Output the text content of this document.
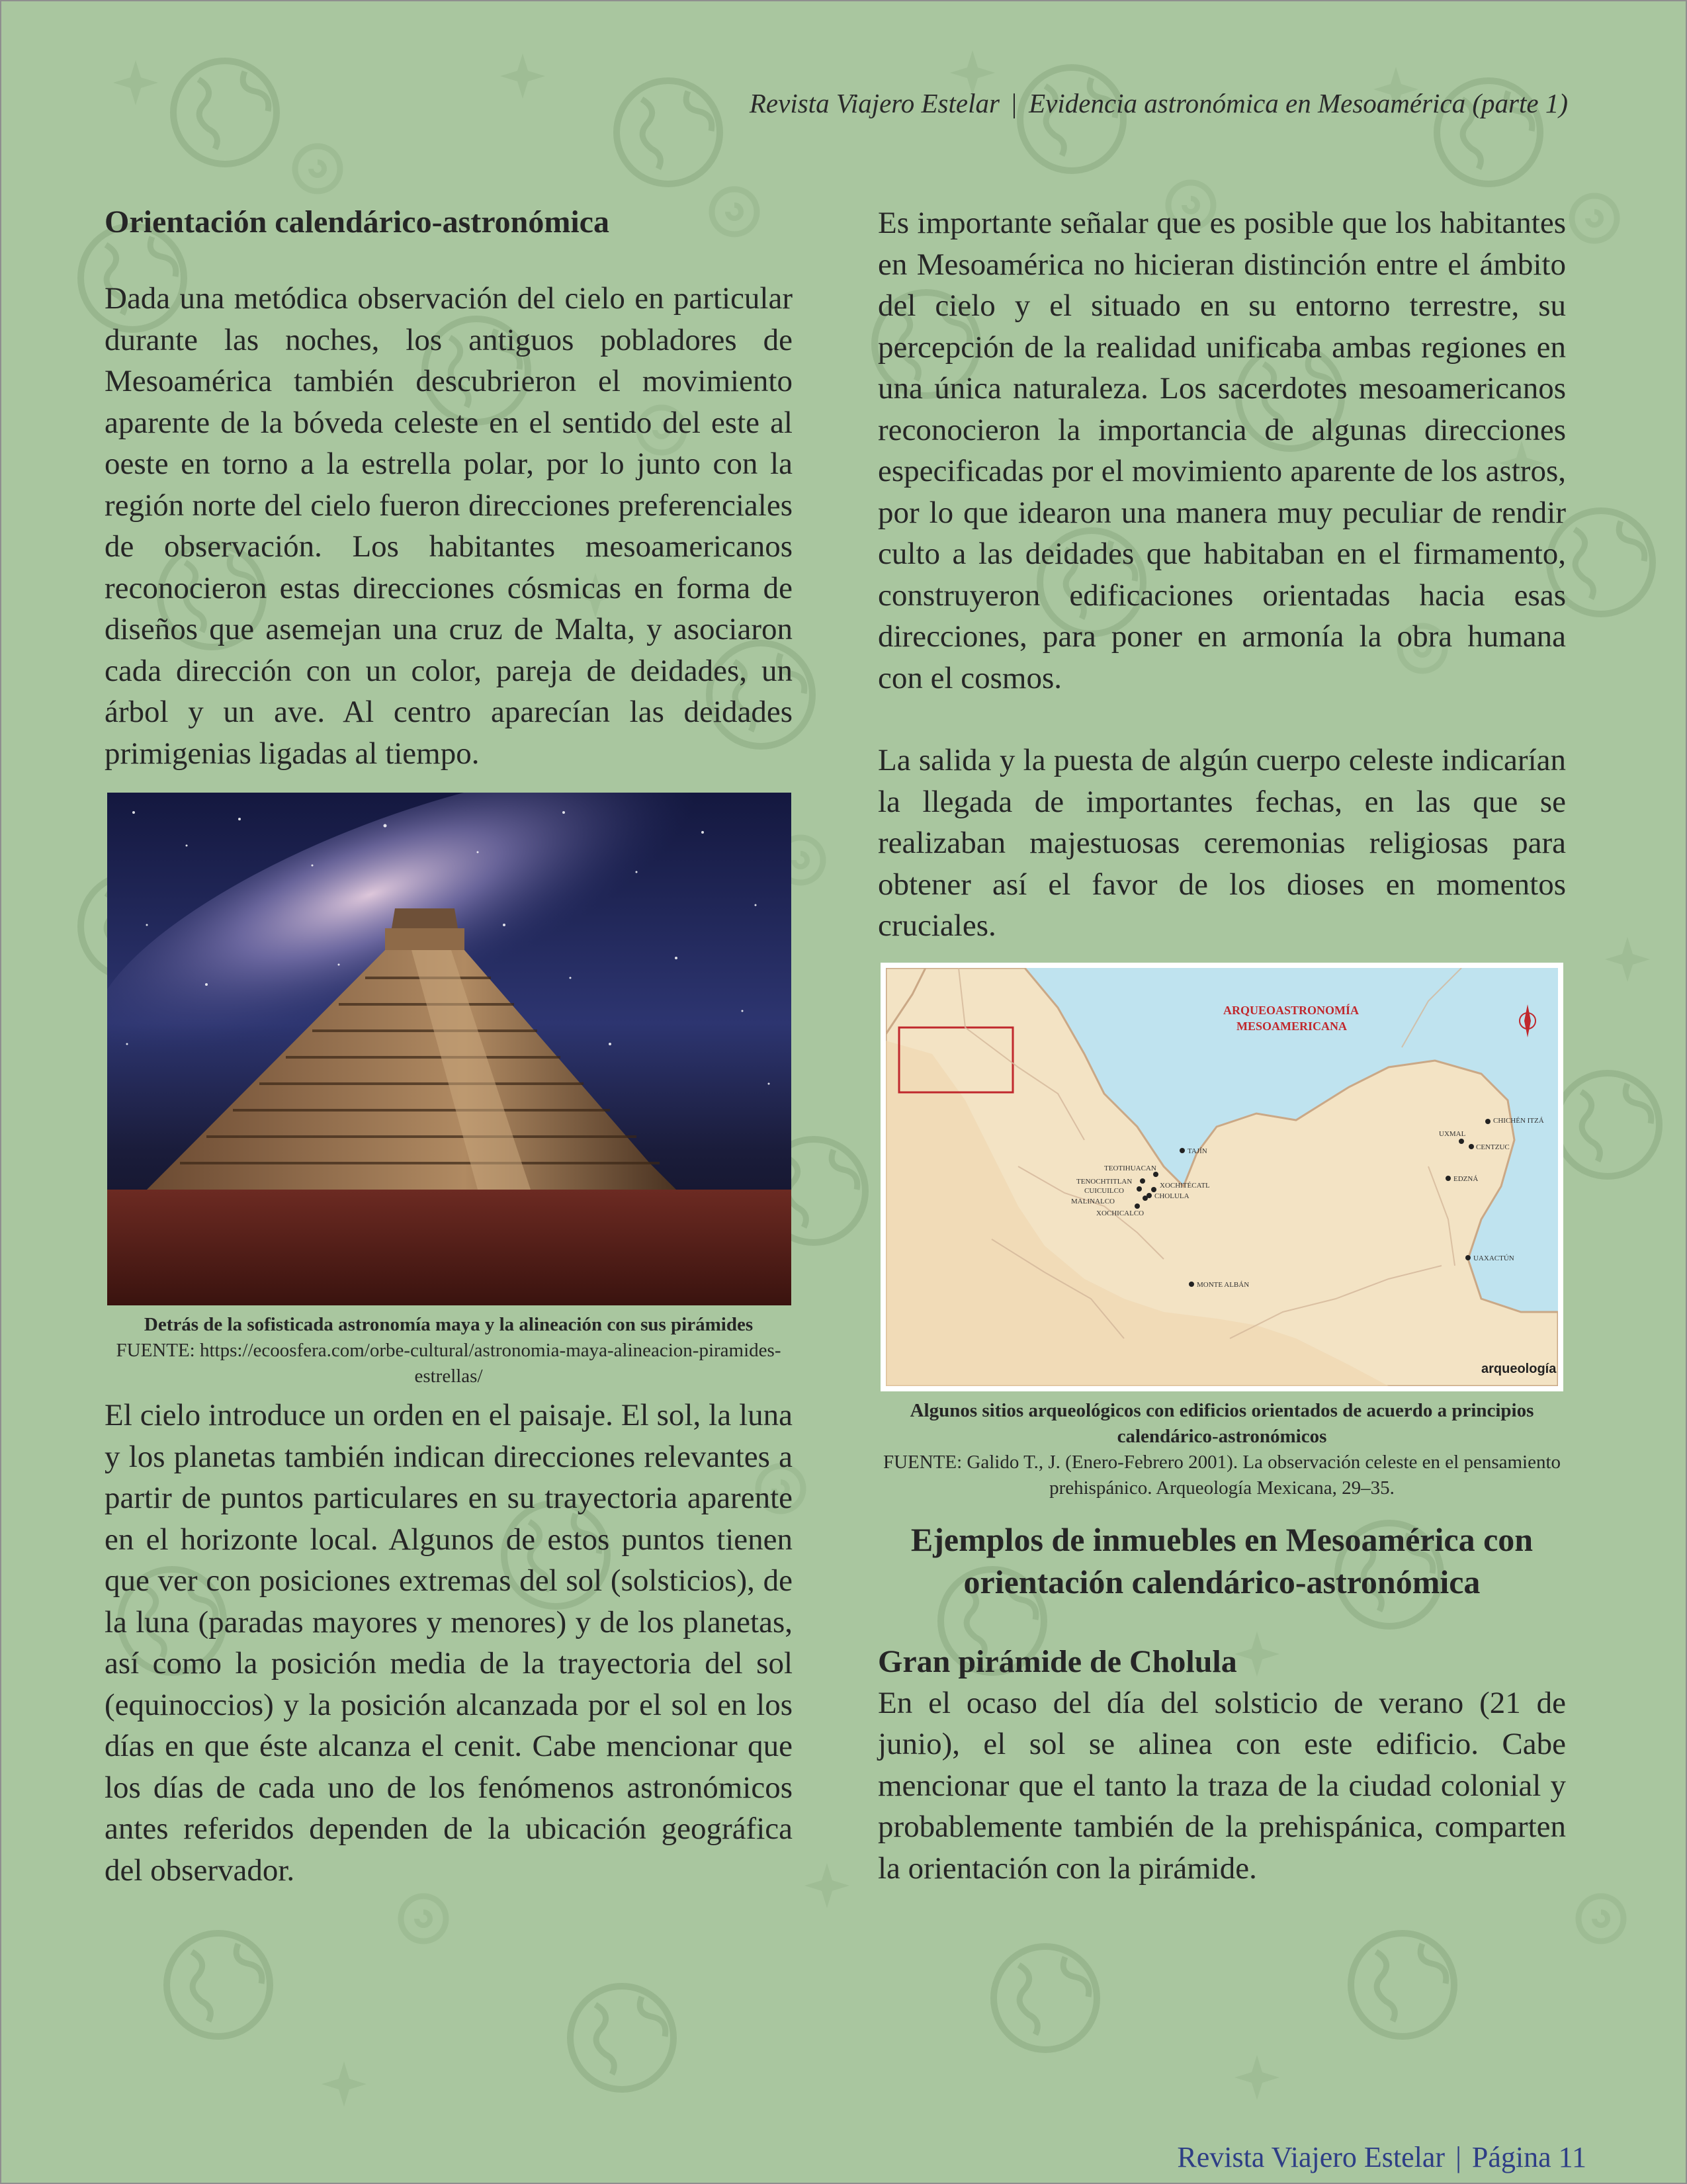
Revista Viajero Estelar | Evidencia astronómica en Mesoamérica (parte 1)
Orientación calendárico-astronómica

Dada una metódica observación del cielo en particular durante las noches, los antiguos pobladores de Mesoamérica también descubrieron el movimiento aparente de la bóveda celeste en el sentido del este al oeste en torno a la estrella polar, por lo junto con la región norte del cielo fueron direcciones preferenciales de observación. Los habitantes mesoamericanos reconocieron estas direcciones cósmicas en forma de diseños que asemejan una cruz de Malta, y asociaron cada dirección con un color, pareja de deidades, un árbol y un ave. Al centro aparecían las deidades primigenias ligadas al tiempo.

Detrás de la sofisticada astronomía maya y la alineación con sus pirámides
FUENTE: https://ecoosfera.com/orbe-cultural/astronomia-maya-alineacion-piramides-estrellas/

El cielo introduce un orden en el paisaje. El sol, la luna y los planetas también indican direcciones relevantes a partir de puntos particulares en su trayectoria aparente en el horizonte local. Algunos de estos puntos tienen que ver con posiciones extremas del sol (solsticios), de la luna (paradas mayores y menores) y de los planetas, así como la posición media de la trayectoria del sol (equinoccios) y la posición alcanzada por el sol en los días en que éste alcanza el cenit. Cabe mencionar que los días de cada uno de los fenómenos astronómicos antes referidos dependen de la ubicación geográfica del observador.

Es importante señalar que es posible que los habitantes en Mesoamérica no hicieran distinción entre el ámbito del cielo y el situado en su entorno terrestre, su percepción de la realidad unificaba ambas regiones en una única naturaleza. Los sacerdotes mesoamericanos reconocieron la importancia de algunas direcciones especificadas por el movimiento aparente de los astros, por lo que idearon una manera muy peculiar de rendir culto a las deidades que habitaban en el firmamento, construyeron edificaciones orientadas hacia esas direcciones, para poner en armonía la obra humana con el cosmos.

La salida y la puesta de algún cuerpo celeste indicarían la llegada de importantes fechas, en las que se realizaban majestuosas ceremonias religiosas para obtener así el favor de los dioses en momentos cruciales.

ARQUEOASTRONOMÍA
MESOAMERICANA
CHICHÉN ITZÁ
UXMAL
CENTZUC
EDZNÁ
UAXACTÚN
TAJÍN
TEOTIHUACAN
TENOCHTITLAN
CUICUILCO
XOCHITÉCATL
CHOLULA
MALINALCO
XOCHICALCO
MONTE ALBÁN
arqueología
Algunos sitios arqueológicos con edificios orientados de acuerdo a principios calendárico-astronómicos
FUENTE: Galido T., J. (Enero-Febrero 2001). La observación celeste en el pensamiento prehispánico. Arqueología Mexicana, 29–35.
Ejemplos de inmuebles en Mesoamérica con orientación calendárico-astronómica
Gran pirámide de Cholula

En el ocaso del día del solsticio de verano (21 de junio), el sol se alinea con este edificio. Cabe mencionar que el tanto la traza de la ciudad colonial y probablemente también de la prehispánica, comparten la orientación con la pirámide.

Revista Viajero Estelar | Página 11
